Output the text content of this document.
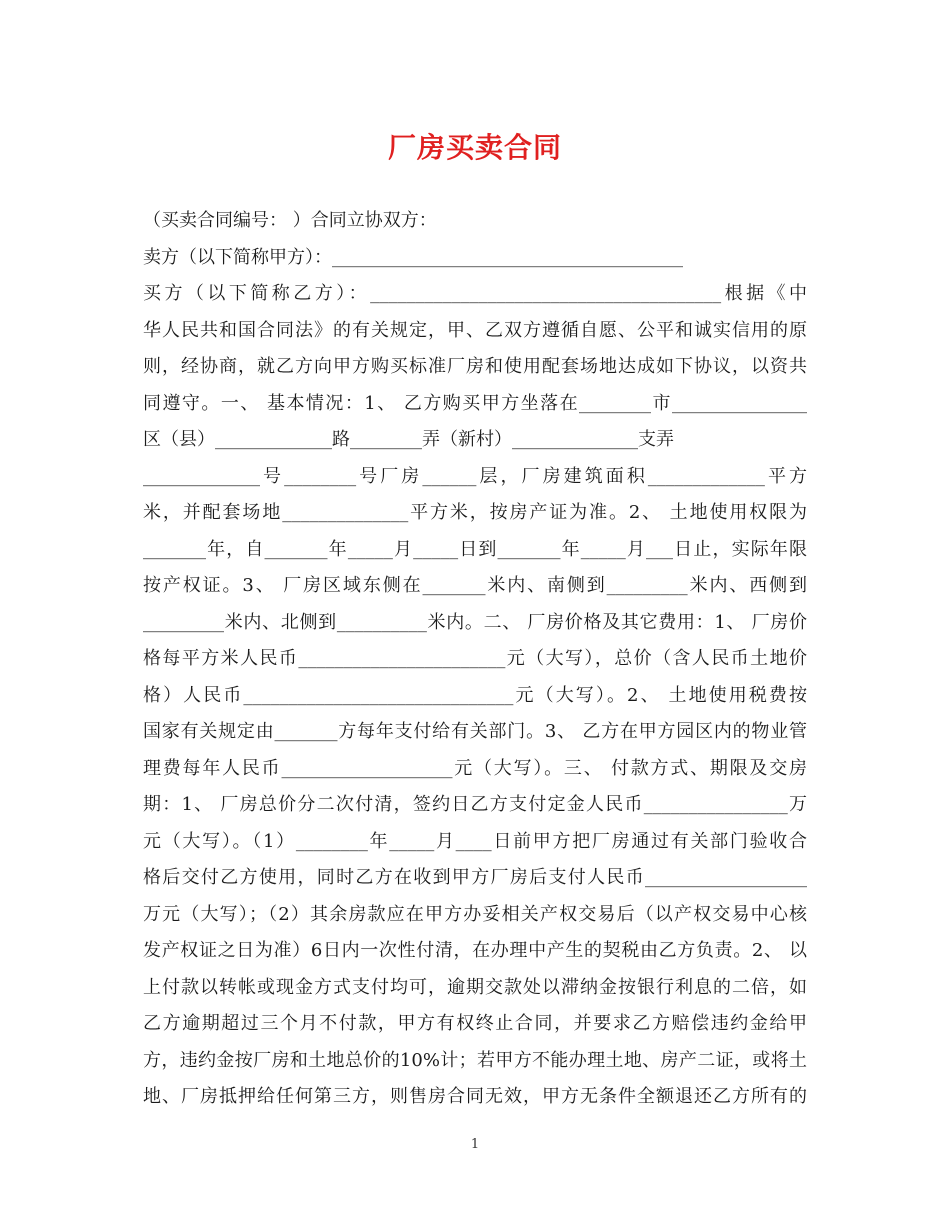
厂房买卖合同
（买卖合同编号： ）合同立协双方：
卖方（以下简称甲方）：_______________________________________
买方（以下简称乙方）：_______________________________________根据《中
华人民共和国合同法》的有关规定，甲、乙双方遵循自愿、公平和诚实信用的原
则，经协商，就乙方向甲方购买标准厂房和使用配套场地达成如下协议，以资共
同遵守。一、 基本情况：1、 乙方购买甲方坐落在________市_______________
区（县）_____________路________弄（新村）______________支弄
_____________号________号厂房______层，厂房建筑面积_____________平方
米，并配套场地______________平方米，按房产证为准。2、 土地使用权限为
_______年，自_______年_____月_____日到_______年_____月___日止，实际年限
按产权证。3、 厂房区域东侧在_______米内、南侧到_________米内、西侧到
_________米内、北侧到__________米内。二、 厂房价格及其它费用：1、 厂房价
格每平方米人民币_______________________元（大写），总价（含人民币土地价
格）人民币______________________________元（大写）。2、 土地使用税费按
国家有关规定由_______方每年支付给有关部门。3、 乙方在甲方园区内的物业管
理费每年人民币___________________元（大写）。三、 付款方式、期限及交房
期：1、 厂房总价分二次付清，签约日乙方支付定金人民币________________万
元（大写）。（1）________年_____月____日前甲方把厂房通过有关部门验收合
格后交付乙方使用，同时乙方在收到甲方厂房后支付人民币__________________
万元（大写）；（2）其余房款应在甲方办妥相关产权交易后（以产权交易中心核
发产权证之日为准）6日内一次性付清，在办理中产生的契税由乙方负责。2、 以
上付款以转帐或现金方式支付均可，逾期交款处以滞纳金按银行利息的二倍，如
乙方逾期超过三个月不付款，甲方有权终止合同，并要求乙方赔偿违约金给甲
方，违约金按厂房和土地总价的10%计；若甲方不能办理土地、房产二证，或将土
地、厂房抵押给任何第三方，则售房合同无效，甲方无条件全额退还乙方所有的
1
